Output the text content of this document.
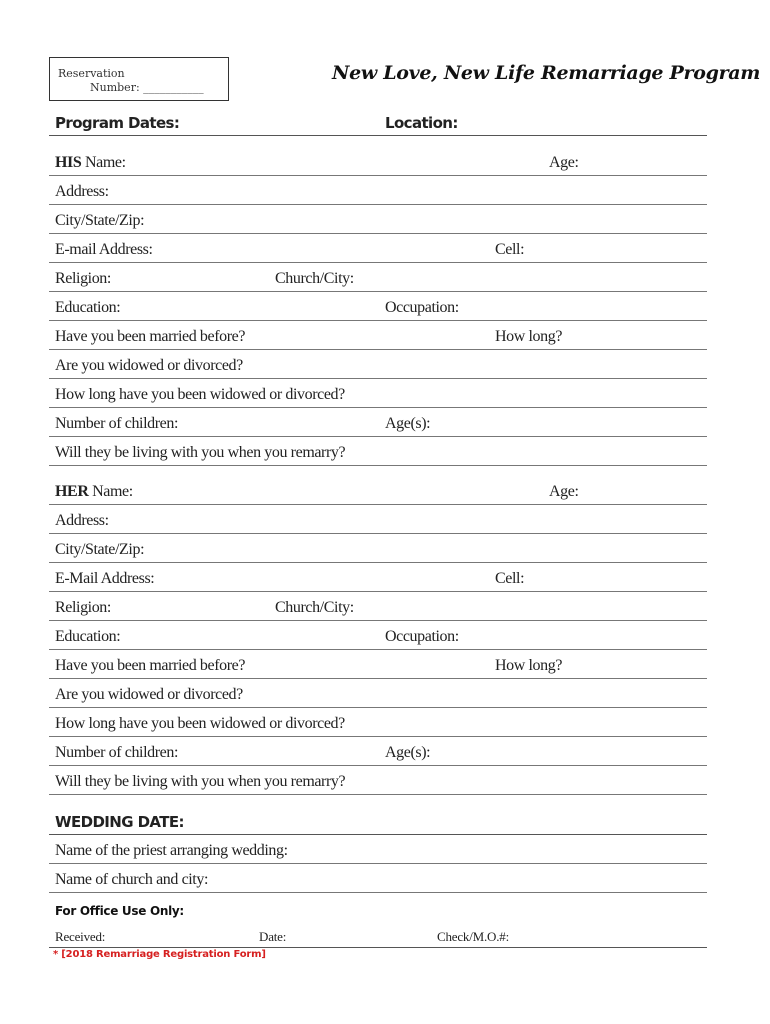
Reservation
Number: ___________
New Love, New Life Remarriage Program
Program Dates:	Location:
HIS Name:	Age:
Address:
City/State/Zip:
E-mail Address:	Cell:
Religion:	Church/City:
Education:	Occupation:
Have you been married before?	How long?
Are you widowed or divorced?
How long have you been widowed or divorced?
Number of children:	Age(s):
Will they be living with you when you remarry?
HER Name:	Age:
Address:
City/State/Zip:
E-Mail Address:	Cell:
Religion:	Church/City:
Education:	Occupation:
Have you been married before?	How long?
Are you widowed or divorced?
How long have you been widowed or divorced?
Number of children:	Age(s):
Will they be living with you when you remarry?
WEDDING DATE:
Name of the priest arranging wedding:
Name of church and city:
For Office Use Only:
Received:	Date:	Check/M.O.#:
* [2018 Remarriage Registration Form]
